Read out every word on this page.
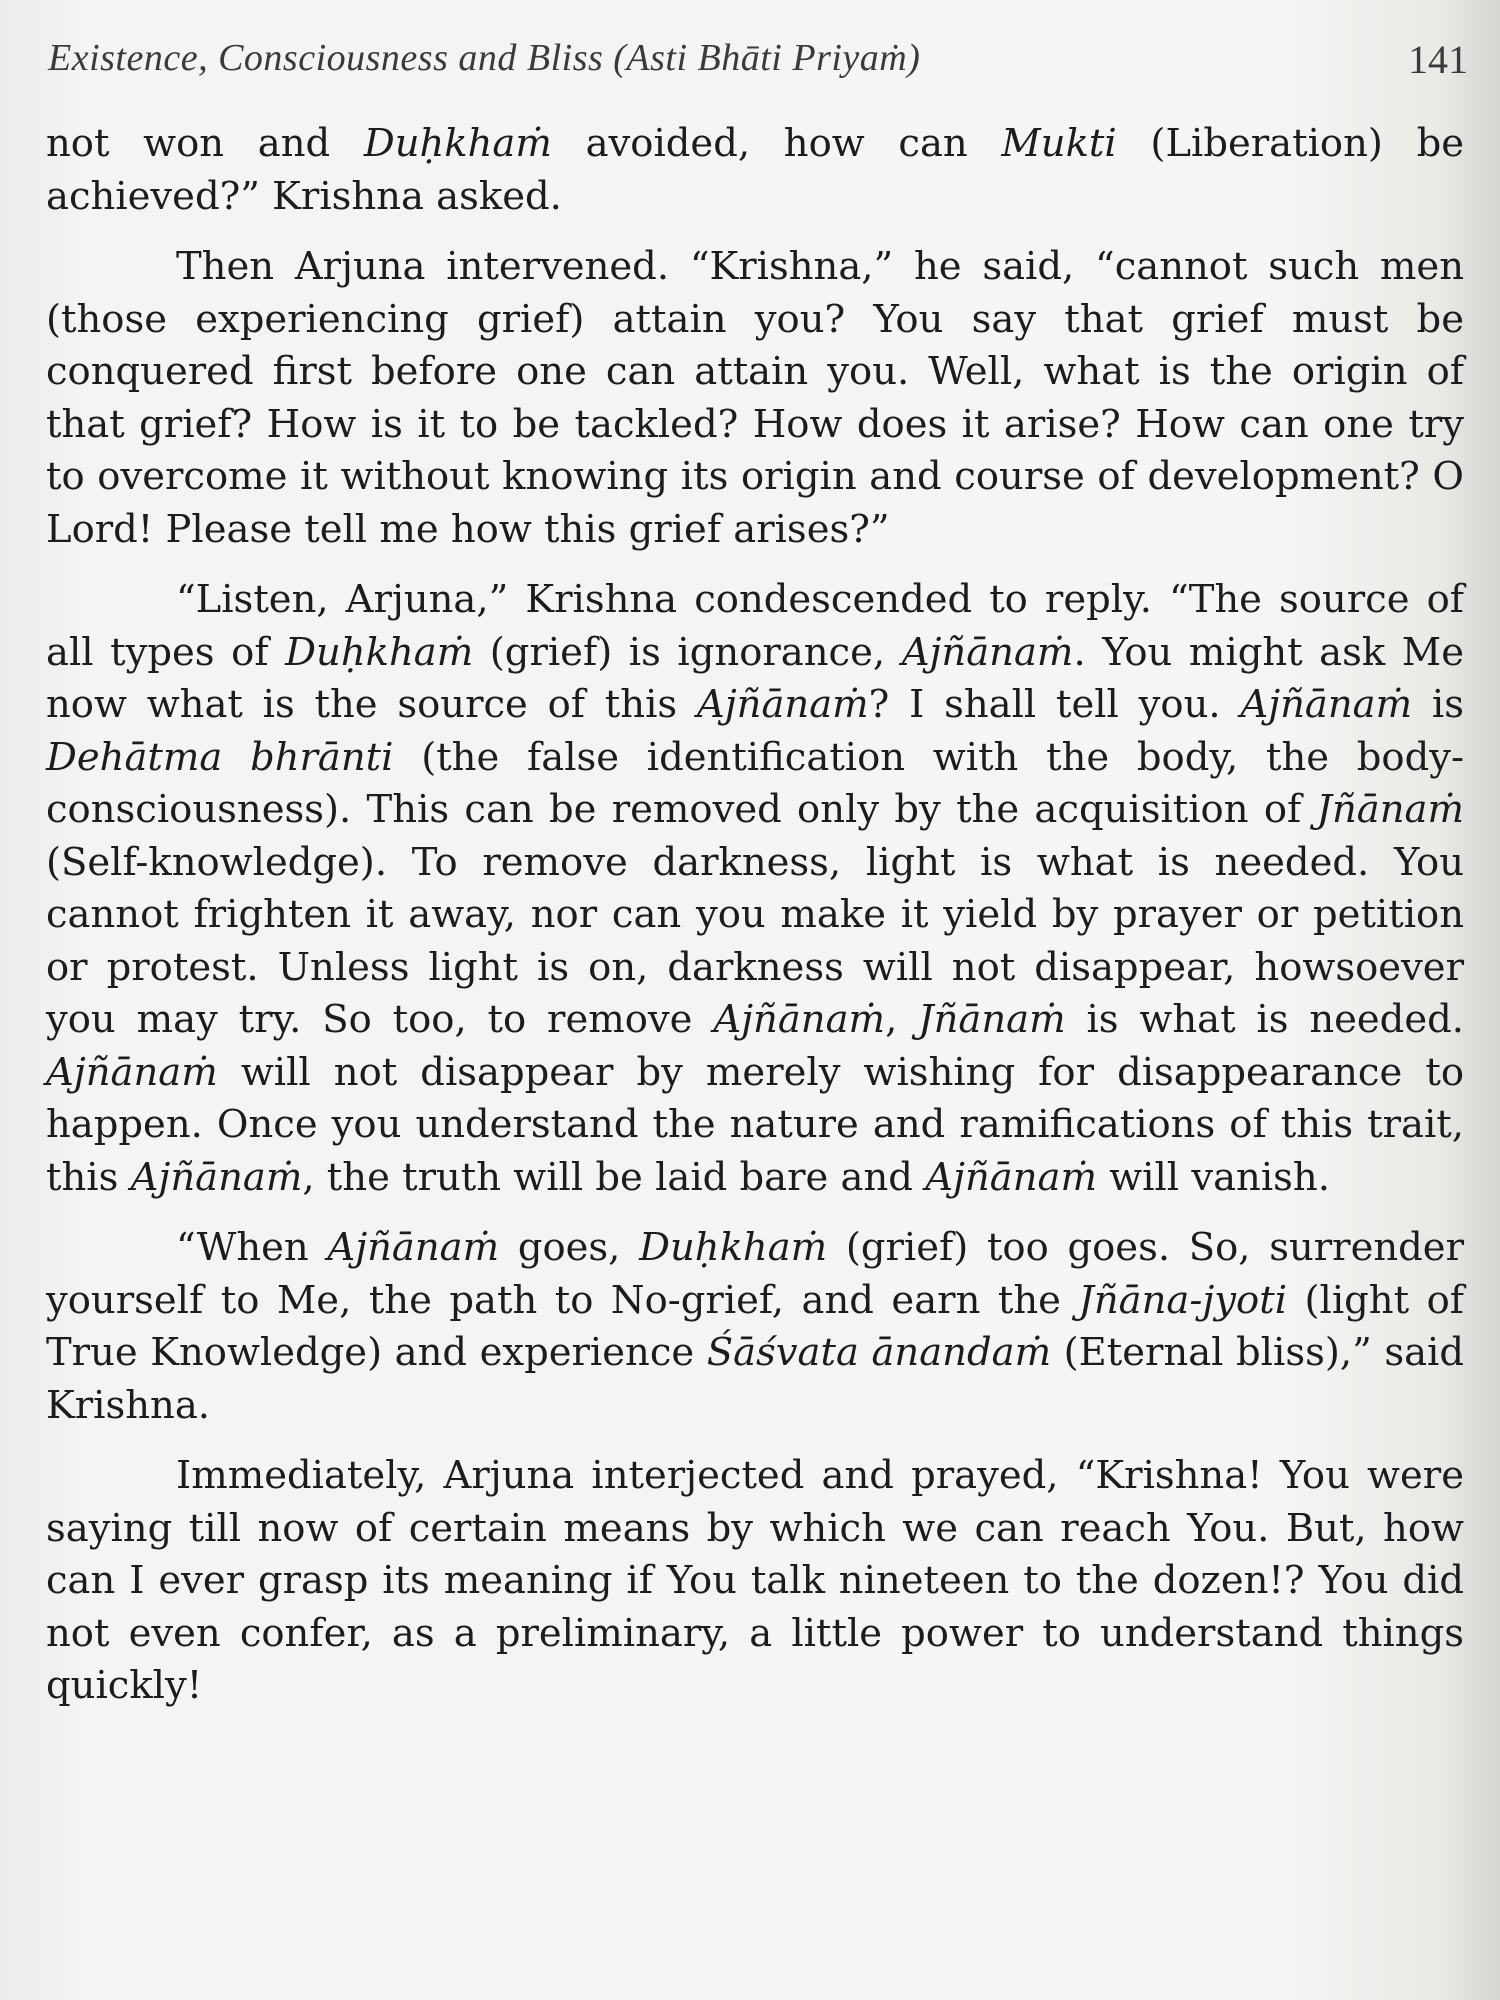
Existence, Consciousness and Bliss (Asti Bhāti Priyaṁ)	141

not won and Duḥkhaṁ avoided, how can Mukti (Liberation) be achieved?” Krishna asked.

Then Arjuna intervened. “Krishna,” he said, “cannot such men (those experiencing grief) attain you? You say that grief must be conquered first before one can attain you. Well, what is the origin of that grief? How is it to be tackled? How does it arise? How can one try to overcome it without knowing its origin and course of development? O Lord! Please tell me how this grief arises?”

“Listen, Arjuna,” Krishna condescended to reply. “The source of all types of Duḥkhaṁ (grief) is ignorance, Ajñānaṁ. You might ask Me now what is the source of this Ajñānaṁ? I shall tell you. Ajñānaṁ is Dehātma bhrānti (the false identification with the body, the body-consciousness). This can be removed only by the acquisition of Jñānaṁ (Self-knowledge). To remove darkness, light is what is needed. You cannot frighten it away, nor can you make it yield by prayer or petition or protest. Unless light is on, darkness will not disappear, howsoever you may try. So too, to remove Ajñānaṁ, Jñānaṁ is what is needed. Ajñānaṁ will not disappear by merely wishing for disappearance to happen. Once you understand the nature and ramifications of this trait, this Ajñānaṁ, the truth will be laid bare and Ajñānaṁ will vanish.

“When Ajñānaṁ goes, Duḥkhaṁ (grief) too goes. So, surrender yourself to Me, the path to No-grief, and earn the Jñāna-jyoti (light of True Knowledge) and experience Śāśvata ānandaṁ (Eternal bliss),” said Krishna.

Immediately, Arjuna interjected and prayed, “Krishna! You were saying till now of certain means by which we can reach You. But, how can I ever grasp its meaning if You talk nineteen to the dozen!? You did not even confer, as a preliminary, a little power to understand things quickly!
